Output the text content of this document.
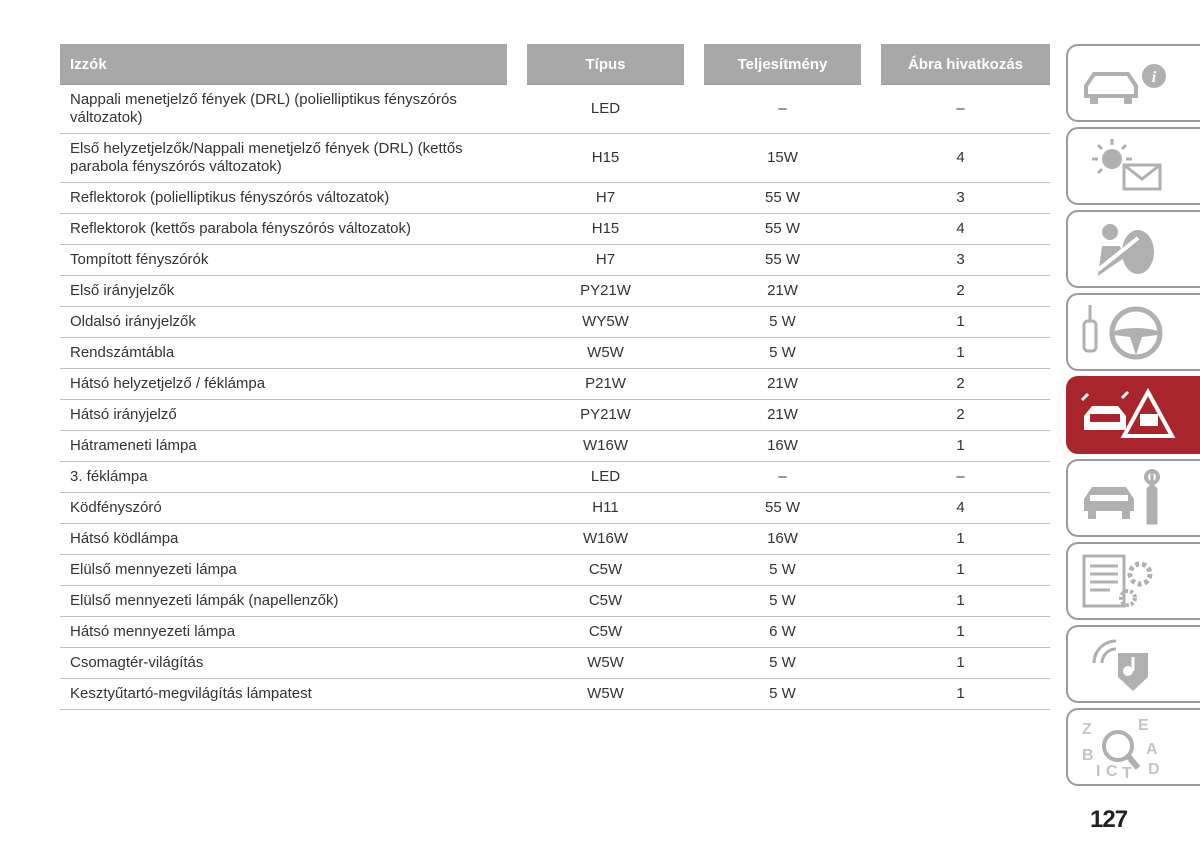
Izzók	Típus	Teljesítmény	Ábra hivatkozás
Nappali menetjelző fények (DRL) (polielliptikus fényszórós változatok)	LED	–	–
Első helyzetjelzők/Nappali menetjelző fények (DRL) (kettős parabola fényszórós változatok)	H15	15W	4
Reflektorok (polielliptikus fényszórós változatok)	H7	55 W	3
Reflektorok (kettős parabola fényszórós változatok)	H15	55 W	4
Tompított fényszórók	H7	55 W	3
Első irányjelzők	PY21W	21W	2
Oldalsó irányjelzők	WY5W	5 W	1
Rendszámtábla	W5W	5 W	1
Hátsó helyzetjelző / féklámpa	P21W	21W	2
Hátsó irányjelző	PY21W	21W	2
Hátrameneti lámpa	W16W	16W	1
3. féklámpa	LED	–	–
Ködfényszóró	H11	55 W	4
Hátsó ködlámpa	W16W	16W	1
Elülső mennyezeti lámpa	C5W	5 W	1
Elülső mennyezeti lámpák (napellenzők)	C5W	5 W	1
Hátsó mennyezeti lámpa	C5W	6 W	1
Csomagtér-világítás	W5W	5 W	1
Kesztyűtartó-megvilágítás lámpatest	W5W	5 W	1
i
Z	E
B	A
I C T D
127
